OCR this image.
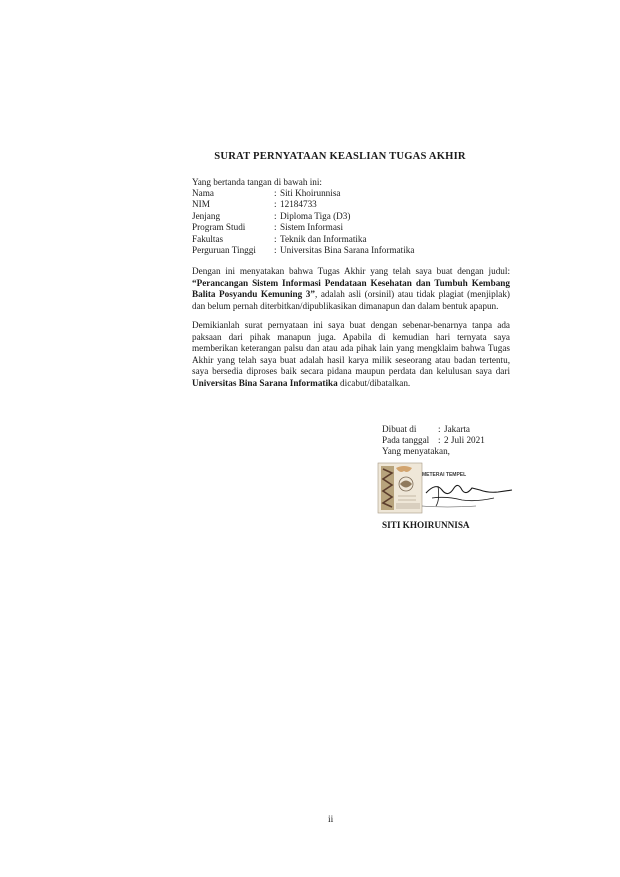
SURAT PERNYATAAN KEASLIAN TUGAS AKHIR
Yang bertanda tangan di bawah ini:
Nama	: Siti Khoirunnisa
NIM	: 12184733
Jenjang	: Diploma Tiga (D3)
Program Studi	: Sistem Informasi
Fakultas	: Teknik dan Informatika
Perguruan Tinggi	: Universitas Bina Sarana Informatika
Dengan ini menyatakan bahwa Tugas Akhir yang telah saya buat dengan judul: “Perancangan Sistem Informasi Pendataan Kesehatan dan Tumbuh Kembang Balita Posyandu Kemuning 3”, adalah asli (orsinil) atau tidak plagiat (menjiplak) dan belum pernah diterbitkan/dipublikasikan dimanapun dan dalam bentuk apapun.
Demikianlah surat pernyataan ini saya buat dengan sebenar-benarnya tanpa ada paksaan dari pihak manapun juga. Apabila di kemudian hari ternyata saya memberikan keterangan palsu dan atau ada pihak lain yang mengklaim bahwa Tugas Akhir yang telah saya buat adalah hasil karya milik seseorang atau badan tertentu, saya bersedia diproses baik secara pidana maupun perdata dan kelulusan saya dari Universitas Bina Sarana Informatika dicabut/dibatalkan.
Dibuat di	: Jakarta
Pada tanggal : 2 Juli 2021
Yang menyatakan,
METERAI TEMPEL
SITI KHOIRUNNISA
ii
